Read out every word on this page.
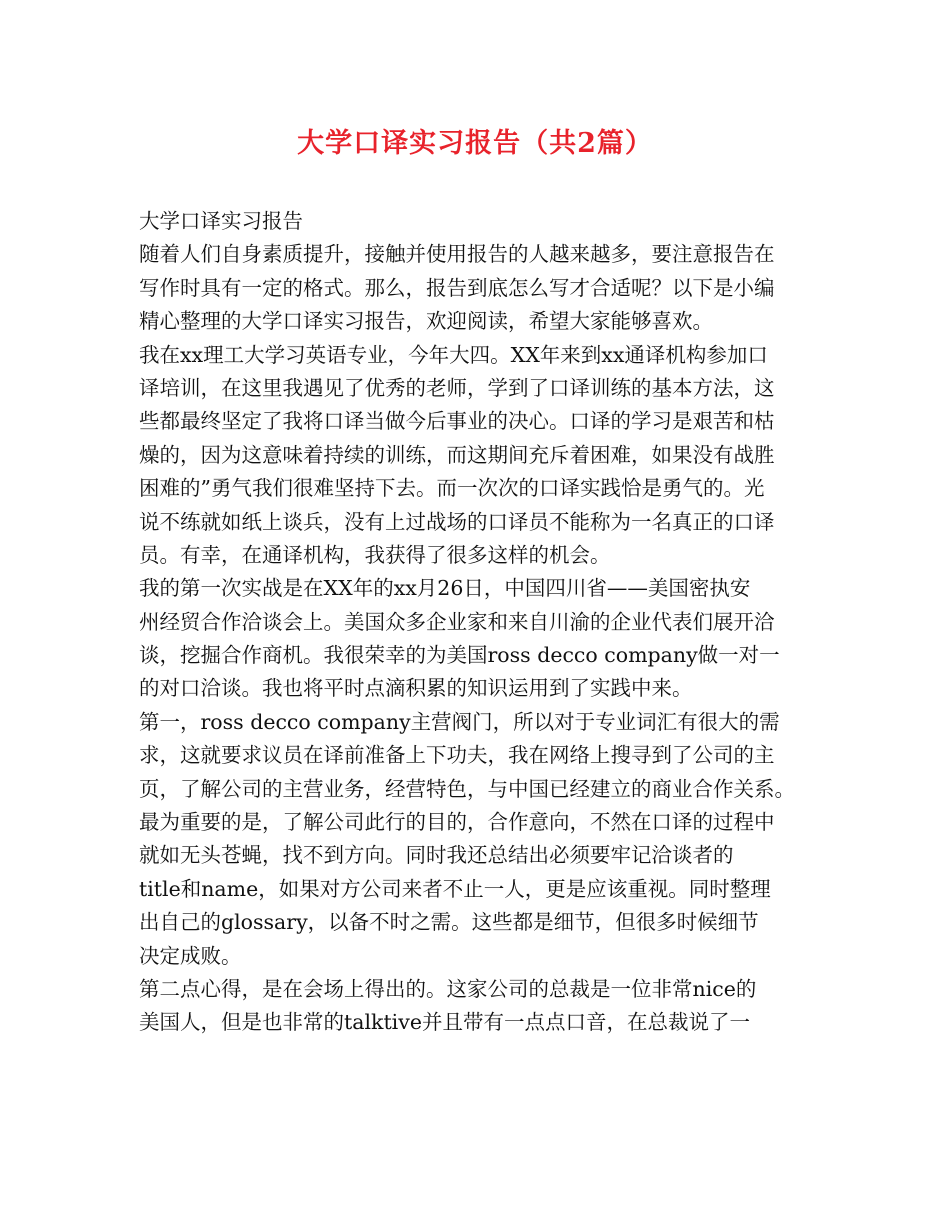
大学口译实习报告（共2篇）
大学口译实习报告
随着人们自身素质提升，接触并使用报告的人越来越多，要注意报告在
写作时具有一定的格式。那么，报告到底怎么写才合适呢？以下是小编
精心整理的大学口译实习报告，欢迎阅读，希望大家能够喜欢。
我在xx理工大学习英语专业，今年大四。XX年来到xx通译机构参加口
译培训，在这里我遇见了优秀的老师，学到了口译训练的基本方法，这
些都最终坚定了我将口译当做今后事业的决心。口译的学习是艰苦和枯
燥的，因为这意味着持续的训练，而这期间充斥着困难，如果没有战胜
困难的”勇气我们很难坚持下去。而一次次的口译实践恰是勇气的。光
说不练就如纸上谈兵，没有上过战场的口译员不能称为一名真正的口译
员。有幸，在通译机构，我获得了很多这样的机会。
我的第一次实战是在XX年的xx月26日，中国四川省——美国密执安
州经贸合作洽谈会上。美国众多企业家和来自川渝的企业代表们展开洽
谈，挖掘合作商机。我很荣幸的为美国ross decco company做一对一
的对口洽谈。我也将平时点滴积累的知识运用到了实践中来。
第一，ross decco company主营阀门，所以对于专业词汇有很大的需
求，这就要求议员在译前准备上下功夫，我在网络上搜寻到了公司的主
页，了解公司的主营业务，经营特色，与中国已经建立的商业合作关系。
最为重要的是，了解公司此行的目的，合作意向，不然在口译的过程中
就如无头苍蝇，找不到方向。同时我还总结出必须要牢记洽谈者的
title和name，如果对方公司来者不止一人，更是应该重视。同时整理
出自己的glossary，以备不时之需。这些都是细节，但很多时候细节
决定成败。
第二点心得，是在会场上得出的。这家公司的总裁是一位非常nice的
美国人，但是也非常的talktive并且带有一点点口音，在总裁说了一
